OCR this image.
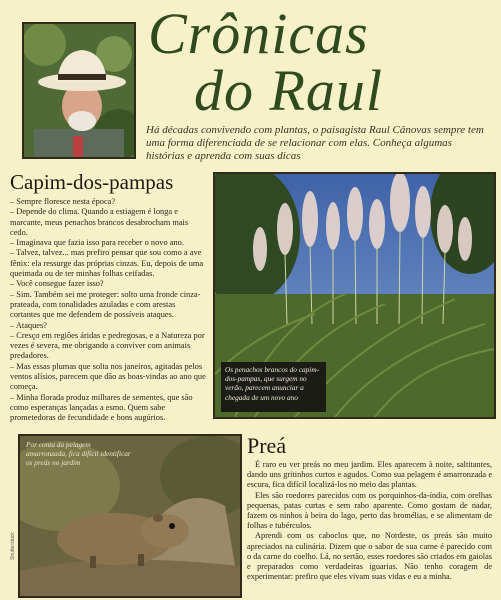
Crônicas
do Raul
Há décadas convivendo com plantas, o paisagista Raul Cânovas sempre tem uma forma diferenciada de se relacionar com elas. Conheça algumas histórias e aprenda com suas dicas
Capim-dos-pampas

– Sempre floresce nesta época?

– Depende do clima. Quando a estiagem é longa e marcante, meus penachos brancos desabrocham mais cedo.

– Imaginava que fazia isso para receber o novo ano.

– Talvez, talvez... mas prefiro pensar que sou como a ave fênix: ela ressurge das próprias cinzas. Eu, depois de uma queimada ou de ter minhas folhas ceifadas.

– Você consegue fazer isso?

– Sim. Também sei me proteger: solto uma fronde cinza-prateada, com tonalidades azuladas e com arestas cortantes que me defendem de possíveis ataques.

– Ataques?

– Cresço em regiões áridas e pedregosas, e a Natureza por vezes é severa, me obrigando a conviver com animais predadores.

– Mas essas plumas que solta nos janeiros, agitadas pelos ventos alísios, parecem que dão as boas-vindas ao ano que começa.

– Minha florada produz milhares de sementes, que são como esperanças lançadas a esmo. Quem sabe prometedoras de fecundidade e bons augúrios.

Os penachos brancos do capim-dos-pampas, que surgem no verão, parecem anunciar a chegada de um novo ano
Por conta da pelagem amarronzada, fica difícil identificar os preás no jardim
Shutterstock
Preá

É raro eu ver preás no meu jardim. Eles aparecem à noite, saltitantes, dando uns gritinhos curtos e agudos. Como sua pelagem é amarronzada e escura, fica difícil localizá-los no meio das plantas.

Eles são roedores parecidos com os porquinhos-da-índia, com orelhas pequenas, patas curtas e sem rabo aparente. Como gostam de nadar, fazem os ninhos à beira do lago, perto das bromélias, e se alimentam de folhas e tubérculos.

Aprendi com os caboclos que, no Nordeste, os preás são muito apreciados na culinária. Dizem que o sabor de sua carne é parecido com o da carne do coelho. Lá, no sertão, esses roedores são criados em gaiolas e preparados como verdadeiras iguarias. Não tenho coragem de experimentar: prefiro que eles vivam suas vidas e eu a minha.
